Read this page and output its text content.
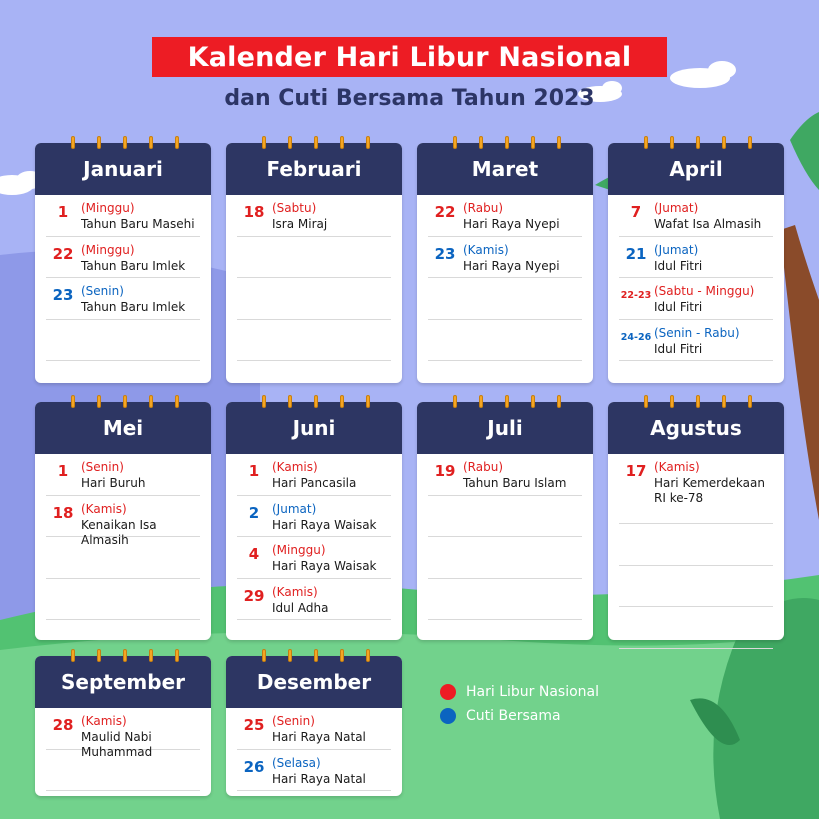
Kalender Hari Libur Nasional
dan Cuti Bersama Tahun 2023
Januari
1	(Minggu)
Tahun Baru Masehi
22 (Minggu)
Tahun Baru Imlek
23 (Senin)
Tahun Baru Imlek
Februari
18 (Sabtu)
Isra Miraj
Maret
22 (Rabu)
Hari Raya Nyepi
23 (Kamis)
Hari Raya Nyepi
April
7	(Jumat)
Wafat Isa Almasih
21 (Jumat)
Idul Fitri
22-23 (Sabtu - Minggu)
Idul Fitri
24-26 (Senin - Rabu)
Idul Fitri
Mei
1	(Senin)
Hari Buruh
18 (Kamis)
Kenaikan Isa Almasih
Juni
1	(Kamis)
Hari Pancasila
2	(Jumat)
Hari Raya Waisak
4	(Minggu)
Hari Raya Waisak
29 (Kamis)
Idul Adha
Juli
19 (Rabu)
Tahun Baru Islam
Agustus
17 (Kamis)
Hari Kemerdekaan RI ke-78
September
28 (Kamis)
Maulid Nabi Muhammad
Desember
25 (Senin)
Hari Raya Natal
26 (Selasa)
Hari Raya Natal
Hari Libur Nasional
Cuti Bersama
